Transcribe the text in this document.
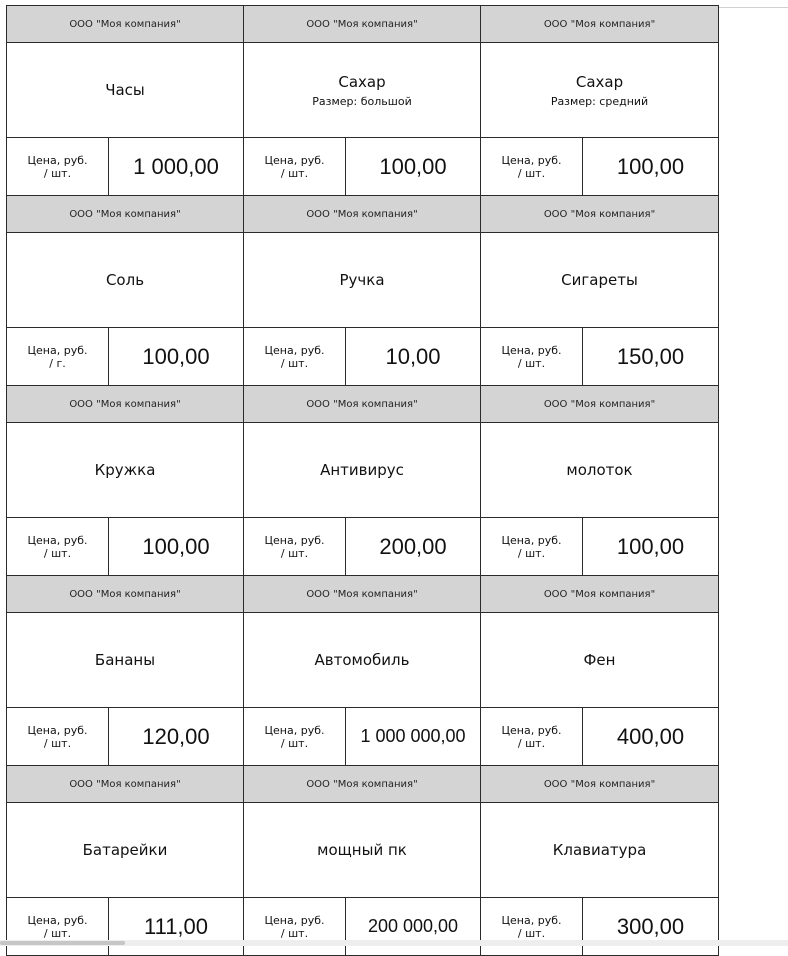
ООО "Моя компания"
Часы
Цена, руб.
/ шт.	1 000,00
ООО "Моя компания"
Сахар
Размер: большой
Цена, руб.
/ шт.	100,00
ООО "Моя компания"
Сахар
Размер: средний
Цена, руб.
/ шт.	100,00
ООО "Моя компания"
Соль
Цена, руб.
/ г.	100,00
ООО "Моя компания"
Ручка
Цена, руб.
/ шт.	10,00
ООО "Моя компания"
Сигареты
Цена, руб.
/ шт.	150,00
ООО "Моя компания"
Кружка
Цена, руб.
/ шт.	100,00
ООО "Моя компания"
Антивирус
Цена, руб.
/ шт.	200,00
ООО "Моя компания"
молоток
Цена, руб.
/ шт.	100,00
ООО "Моя компания"
Бананы
Цена, руб.
/ шт.	120,00
ООО "Моя компания"
Автомобиль
Цена, руб.
/ шт.	1 000 000,00
ООО "Моя компания"
Фен
Цена, руб.
/ шт.	400,00
ООО "Моя компания"
Батарейки
Цена, руб.
/ шт.	111,00
ООО "Моя компания"
мощный пк
Цена, руб.
/ шт.	200 000,00
ООО "Моя компания"
Клавиатура
Цена, руб.
/ шт.	300,00
